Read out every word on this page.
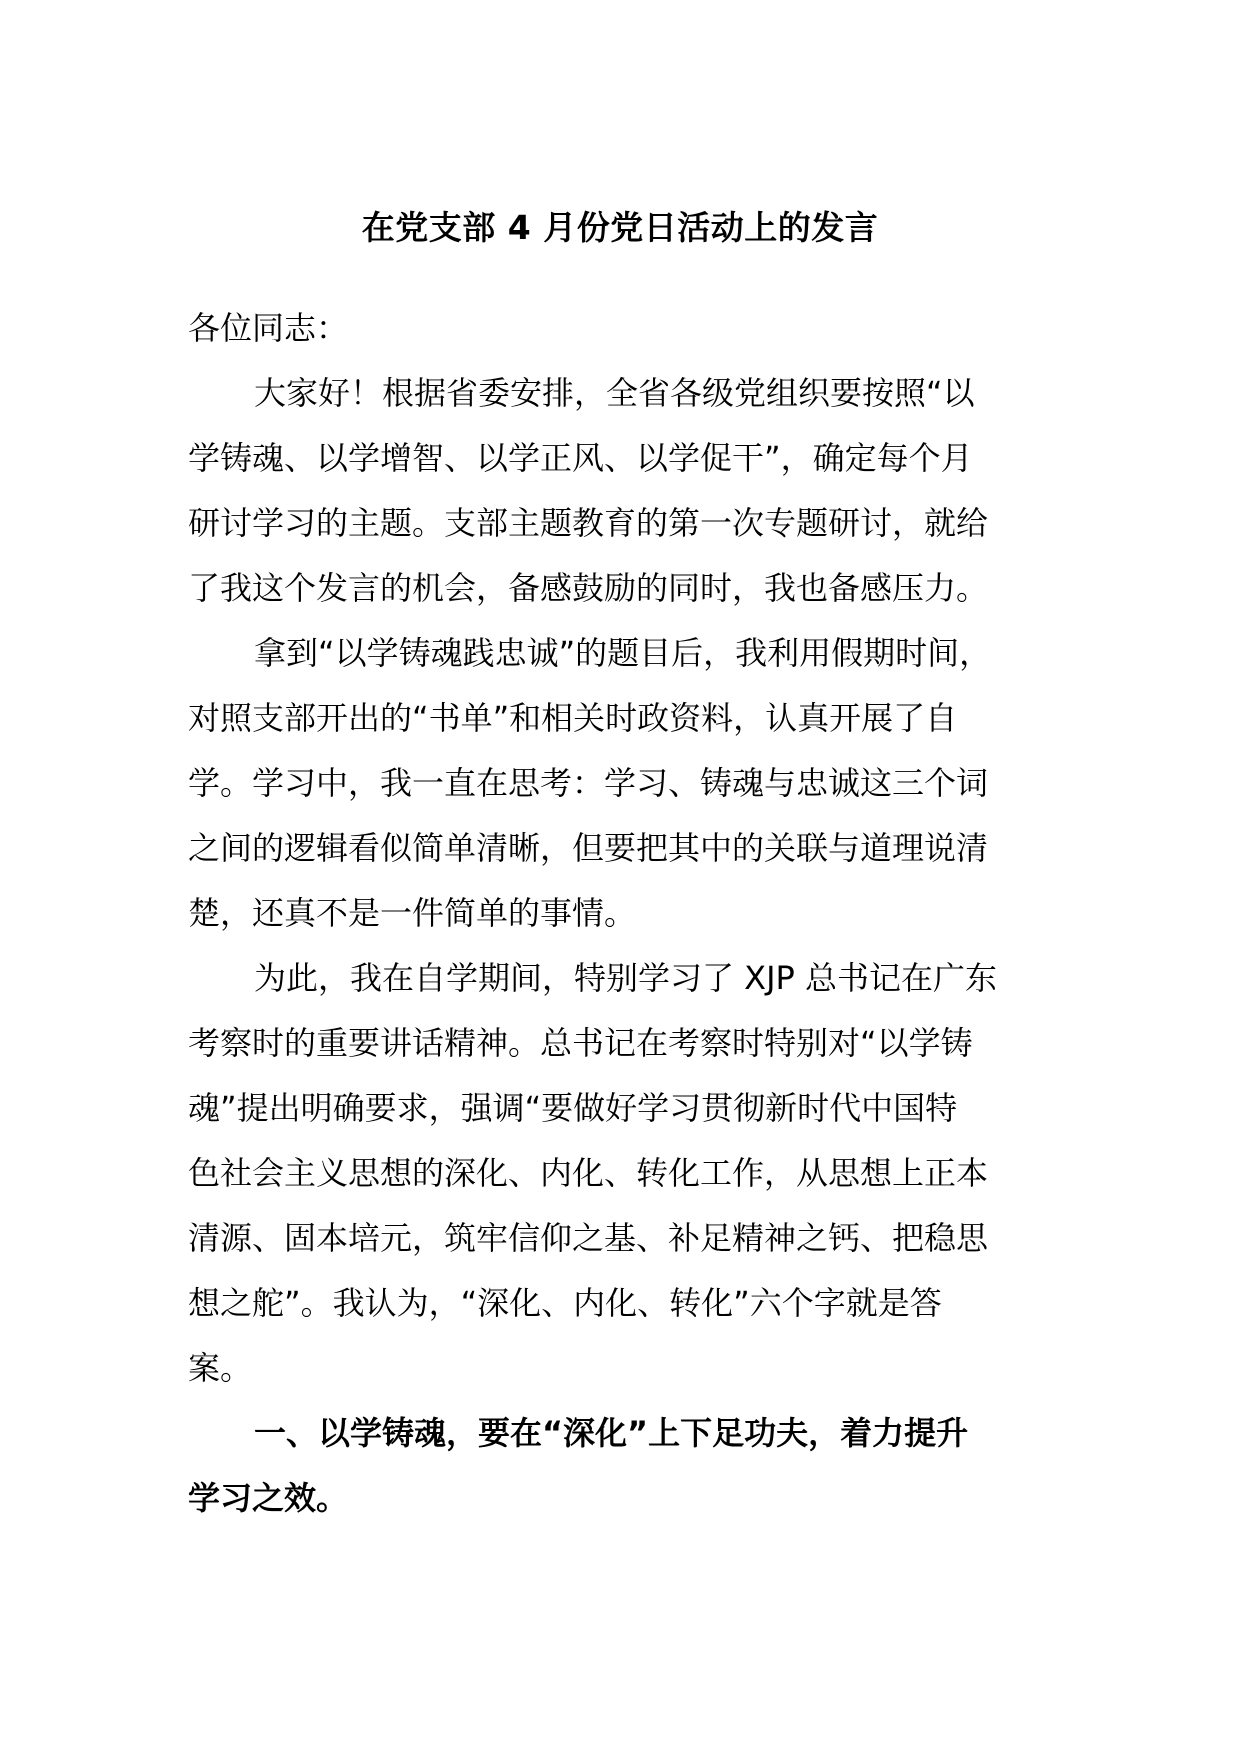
在党支部 4 月份党日活动上的发言
各位同志：
大家好！根据省委安排，全省各级党组织要按照“以
学铸魂、以学增智、以学正风、以学促干”，确定每个月
研讨学习的主题。支部主题教育的第一次专题研讨，就给
了我这个发言的机会，备感鼓励的同时，我也备感压力。
拿到“以学铸魂践忠诚”的题目后，我利用假期时间，
对照支部开出的“书单”和相关时政资料，认真开展了自
学。学习中，我一直在思考：学习、铸魂与忠诚这三个词
之间的逻辑看似简单清晰，但要把其中的关联与道理说清
楚，还真不是一件简单的事情。
为此，我在自学期间，特别学习了 XJP 总书记在广东
考察时的重要讲话精神。总书记在考察时特别对“以学铸
魂”提出明确要求，强调“要做好学习贯彻新时代中国特
色社会主义思想的深化、内化、转化工作，从思想上正本
清源、固本培元，筑牢信仰之基、补足精神之钙、把稳思
想之舵”。我认为，“深化、内化、转化”六个字就是答
案。
一、以学铸魂，要在“深化”上下足功夫，着力提升
学习之效。
